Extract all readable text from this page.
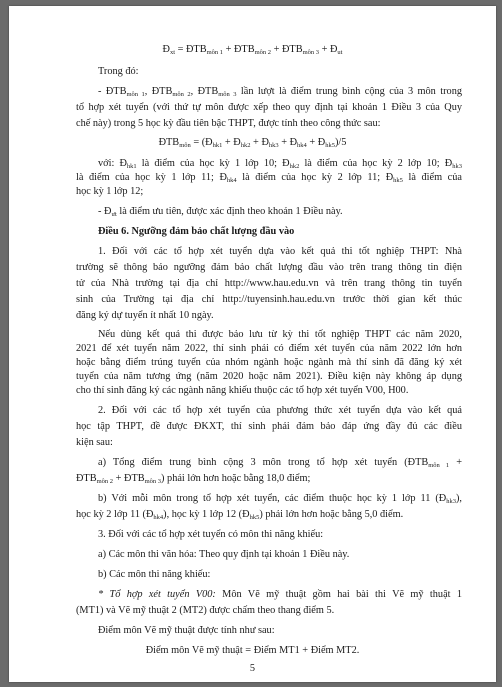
$Đ_{xt}$ = $ĐTB_{môn 1}$ + $ĐTB_{môn 2}$ + $ĐTB_{môn 3}$ + $Đ_{ut}$
Trong đó:
- $ĐTB_{môn 1}$, $ĐTB_{môn 2}$, $ĐTB_{môn 3}$ lần lượt là điểm trung bình cộng của 3 môn trong
tổ hợp xét tuyển (với thứ tự môn được xếp theo quy định tại khoản 1 Điều 3 của Quy
chế này) trong 5 học kỳ đầu tiên bậc THPT, được tính theo công thức sau:
$ĐTB_{môn}$ = ($Đ_{hk1}$ + $Đ_{hk2}$ + $Đ_{hk3}$ + $Đ_{hk4}$ + $Đ_{hk5})/5$
với: $Đ_{hk1}$ là điểm của học kỳ 1 lớp 10; $Đ_{hk2}$ là điểm của học kỳ 2 lớp 10; $Đ_{hk3}$
là điểm của học kỳ 1 lớp 11; $Đ_{hk4}$ là điểm của học kỳ 2 lớp 11; $Đ_{hk5}$ là điểm của
học kỳ 1 lớp 12;
- $Đ_{ưt}$ là điểm ưu tiên, được xác định theo khoản 1 Điều này.
Điều 6. Ngưỡng đảm bảo chất lượng đầu vào
1. Đối với các tổ hợp xét tuyển dựa vào kết quả thi tốt nghiệp THPT: Nhà
trường sẽ thông báo ngưỡng đảm bảo chất lượng đầu vào trên trang thông tin điện
tử của Nhà trường tại địa chỉ http://www.hau.edu.vn và trên trang thông tin tuyển
sinh của Trường tại địa chỉ http://tuyensinh.hau.edu.vn trước thời gian kết thúc
đăng ký dự tuyển ít nhất 10 ngày.
Nếu dùng kết quả thi được bảo lưu từ kỳ thi tốt nghiệp THPT các năm 2020,
2021 để xét tuyển năm 2022, thí sinh phải có điểm xét tuyển của năm 2022 lớn hơn
hoặc bằng điểm trúng tuyển của nhóm ngành hoặc ngành mà thí sinh đã đăng ký xét
tuyển của năm tương ứng (năm 2020 hoặc năm 2021). Điều kiện này không áp dụng
cho thí sinh đăng ký các ngành năng khiếu thuộc các tổ hợp xét tuyển V00, H00.
2. Đối với các tổ hợp xét tuyển của phương thức xét tuyển dựa vào kết quả
học tập THPT, đề được ĐKXT, thí sinh phải đảm bảo đáp ứng đầy đủ các điều
kiện sau:
a) Tổng điểm trung bình cộng 3 môn trong tổ hợp xét tuyển ($ĐTB_{môn 1}$ +
$ĐTB_{môn 2}$ + $ĐTB_{môn 3}$) phải lớn hơn hoặc bằng 18,0 điểm;
b) Với mỗi môn trong tổ hợp xét tuyển, các điểm thuộc học kỳ 1 lớp 11 $(Đ_{hk3})$,
học kỳ 2 lớp 11 $(Đ_{hk4})$, học kỳ 1 lớp 12 $(Đ_{hk5})$ phải lớn hơn hoặc bằng 5,0 điểm.
3. Đối với các tổ hợp xét tuyển có môn thi năng khiếu:
a) Các môn thi văn hóa: Theo quy định tại khoản 1 Điều này.
b) Các môn thi năng khiếu:
* Tổ hợp xét tuyển V00: Môn Vẽ mỹ thuật gồm hai bài thi Vẽ mỹ thuật 1
(MT1) và Vẽ mỹ thuật 2 (MT2) được chấm theo thang điểm 5.
Điểm môn Vẽ mỹ thuật được tính như sau:
Điểm môn Vẽ mỹ thuật = Điểm MT1 + Điểm MT2.
5
